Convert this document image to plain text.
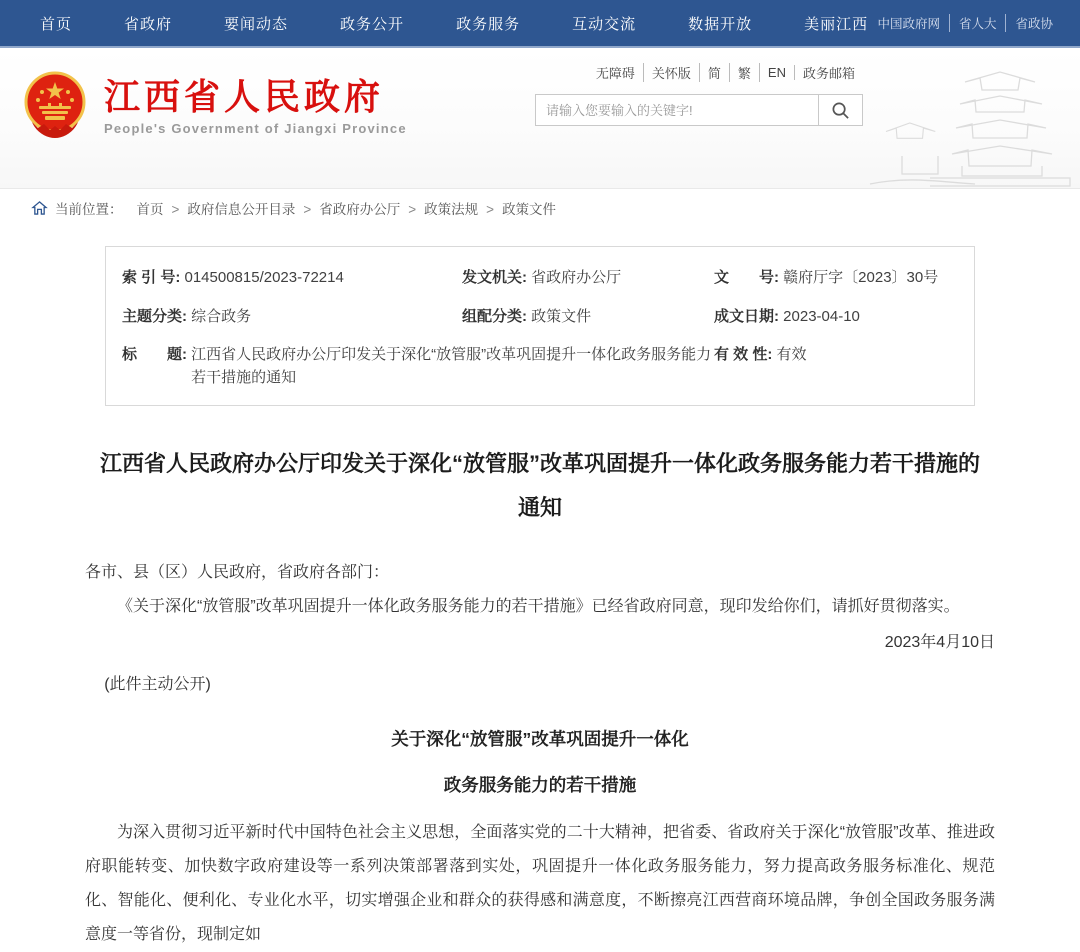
首页	省政府	要闻动态	政务公开	政务服务	互动交流	数据开放	美丽江西 中国政府网	省人大	省政协
江西省人民政府
People's Government of Jiangxi Province
无障碍	关怀版	简	繁	EN	政务邮箱
请输入您要输入的关键字!
当前位置： 首页 >	政府信息公开目录 >	省政府办公厅 >	政策法规 >	政策文件
索 引 号: 014500815/2023-72214	发文机关: 省政府办公厅	文　　号: 赣府厅字〔2023〕30号
主题分类: 综合政务	组配分类: 政策文件	成文日期: 2023-04-10
标　　题: 江西省人民政府办公厅印发关于深化“放管服”改革巩固提升一体化政务服务能力若干措施的通知
有 效 性: 有效
江西省人民政府办公厅印发关于深化“放管服”改革巩固提升一体化政务服务能力若干措施的通知

各市、县（区）人民政府，省政府各部门：

《关于深化“放管服”改革巩固提升一体化政务服务能力的若干措施》已经省政府同意，现印发给你们，请抓好贯彻落实。

2023年4月10日

(此件主动公开)

关于深化“放管服”改革巩固提升一体化
政务服务能力的若干措施

为深入贯彻习近平新时代中国特色社会主义思想，全面落实党的二十大精神，把省委、省政府关于深化“放管服”改革、推进政府职能转变、加快数字政府建设等一系列决策部署落到实处，巩固提升一体化政务服务能力，努力提高政务服务标准化、规范化、智能化、便利化、专业化水平，切实增强企业和群众的获得感和满意度，不断擦亮江西营商环境品牌，争创全国政务服务满意度一等省份，现制定如
